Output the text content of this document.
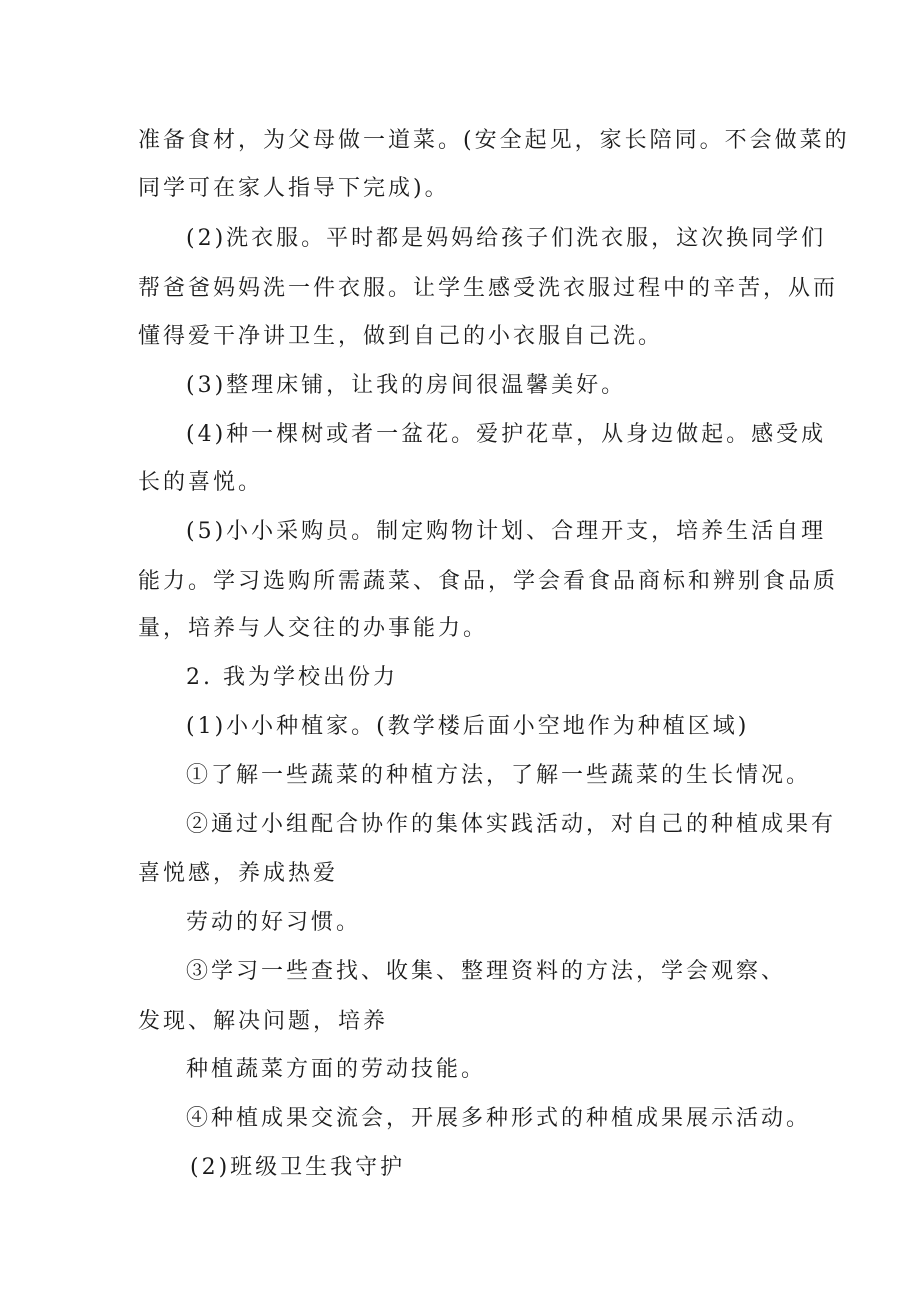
准备食材，为父母做一道菜。(安全起见，家长陪同。不会做菜的
同学可在家人指导下完成)。
(2)洗衣服。平时都是妈妈给孩子们洗衣服，这次换同学们
帮爸爸妈妈洗一件衣服。让学生感受洗衣服过程中的辛苦，从而
懂得爱干净讲卫生，做到自己的小衣服自己洗。
(3)整理床铺，让我的房间很温馨美好。
(4)种一棵树或者一盆花。爱护花草，从身边做起。感受成
长的喜悦。
(5)小小采购员。制定购物计划、合理开支，培养生活自理
能力。学习选购所需蔬菜、食品，学会看食品商标和辨别食品质
量，培养与人交往的办事能力。
2. 我为学校出份力
(1)小小种植家。(教学楼后面小空地作为种植区域)
①了解一些蔬菜的种植方法，了解一些蔬菜的生长情况。
②通过小组配合协作的集体实践活动，对自己的种植成果有
喜悦感，养成热爱
劳动的好习惯。
③学习一些查找、收集、整理资料的方法，学会观察、
发现、解决问题，培养
种植蔬菜方面的劳动技能。
④种植成果交流会，开展多种形式的种植成果展示活动。
(2)班级卫生我守护
